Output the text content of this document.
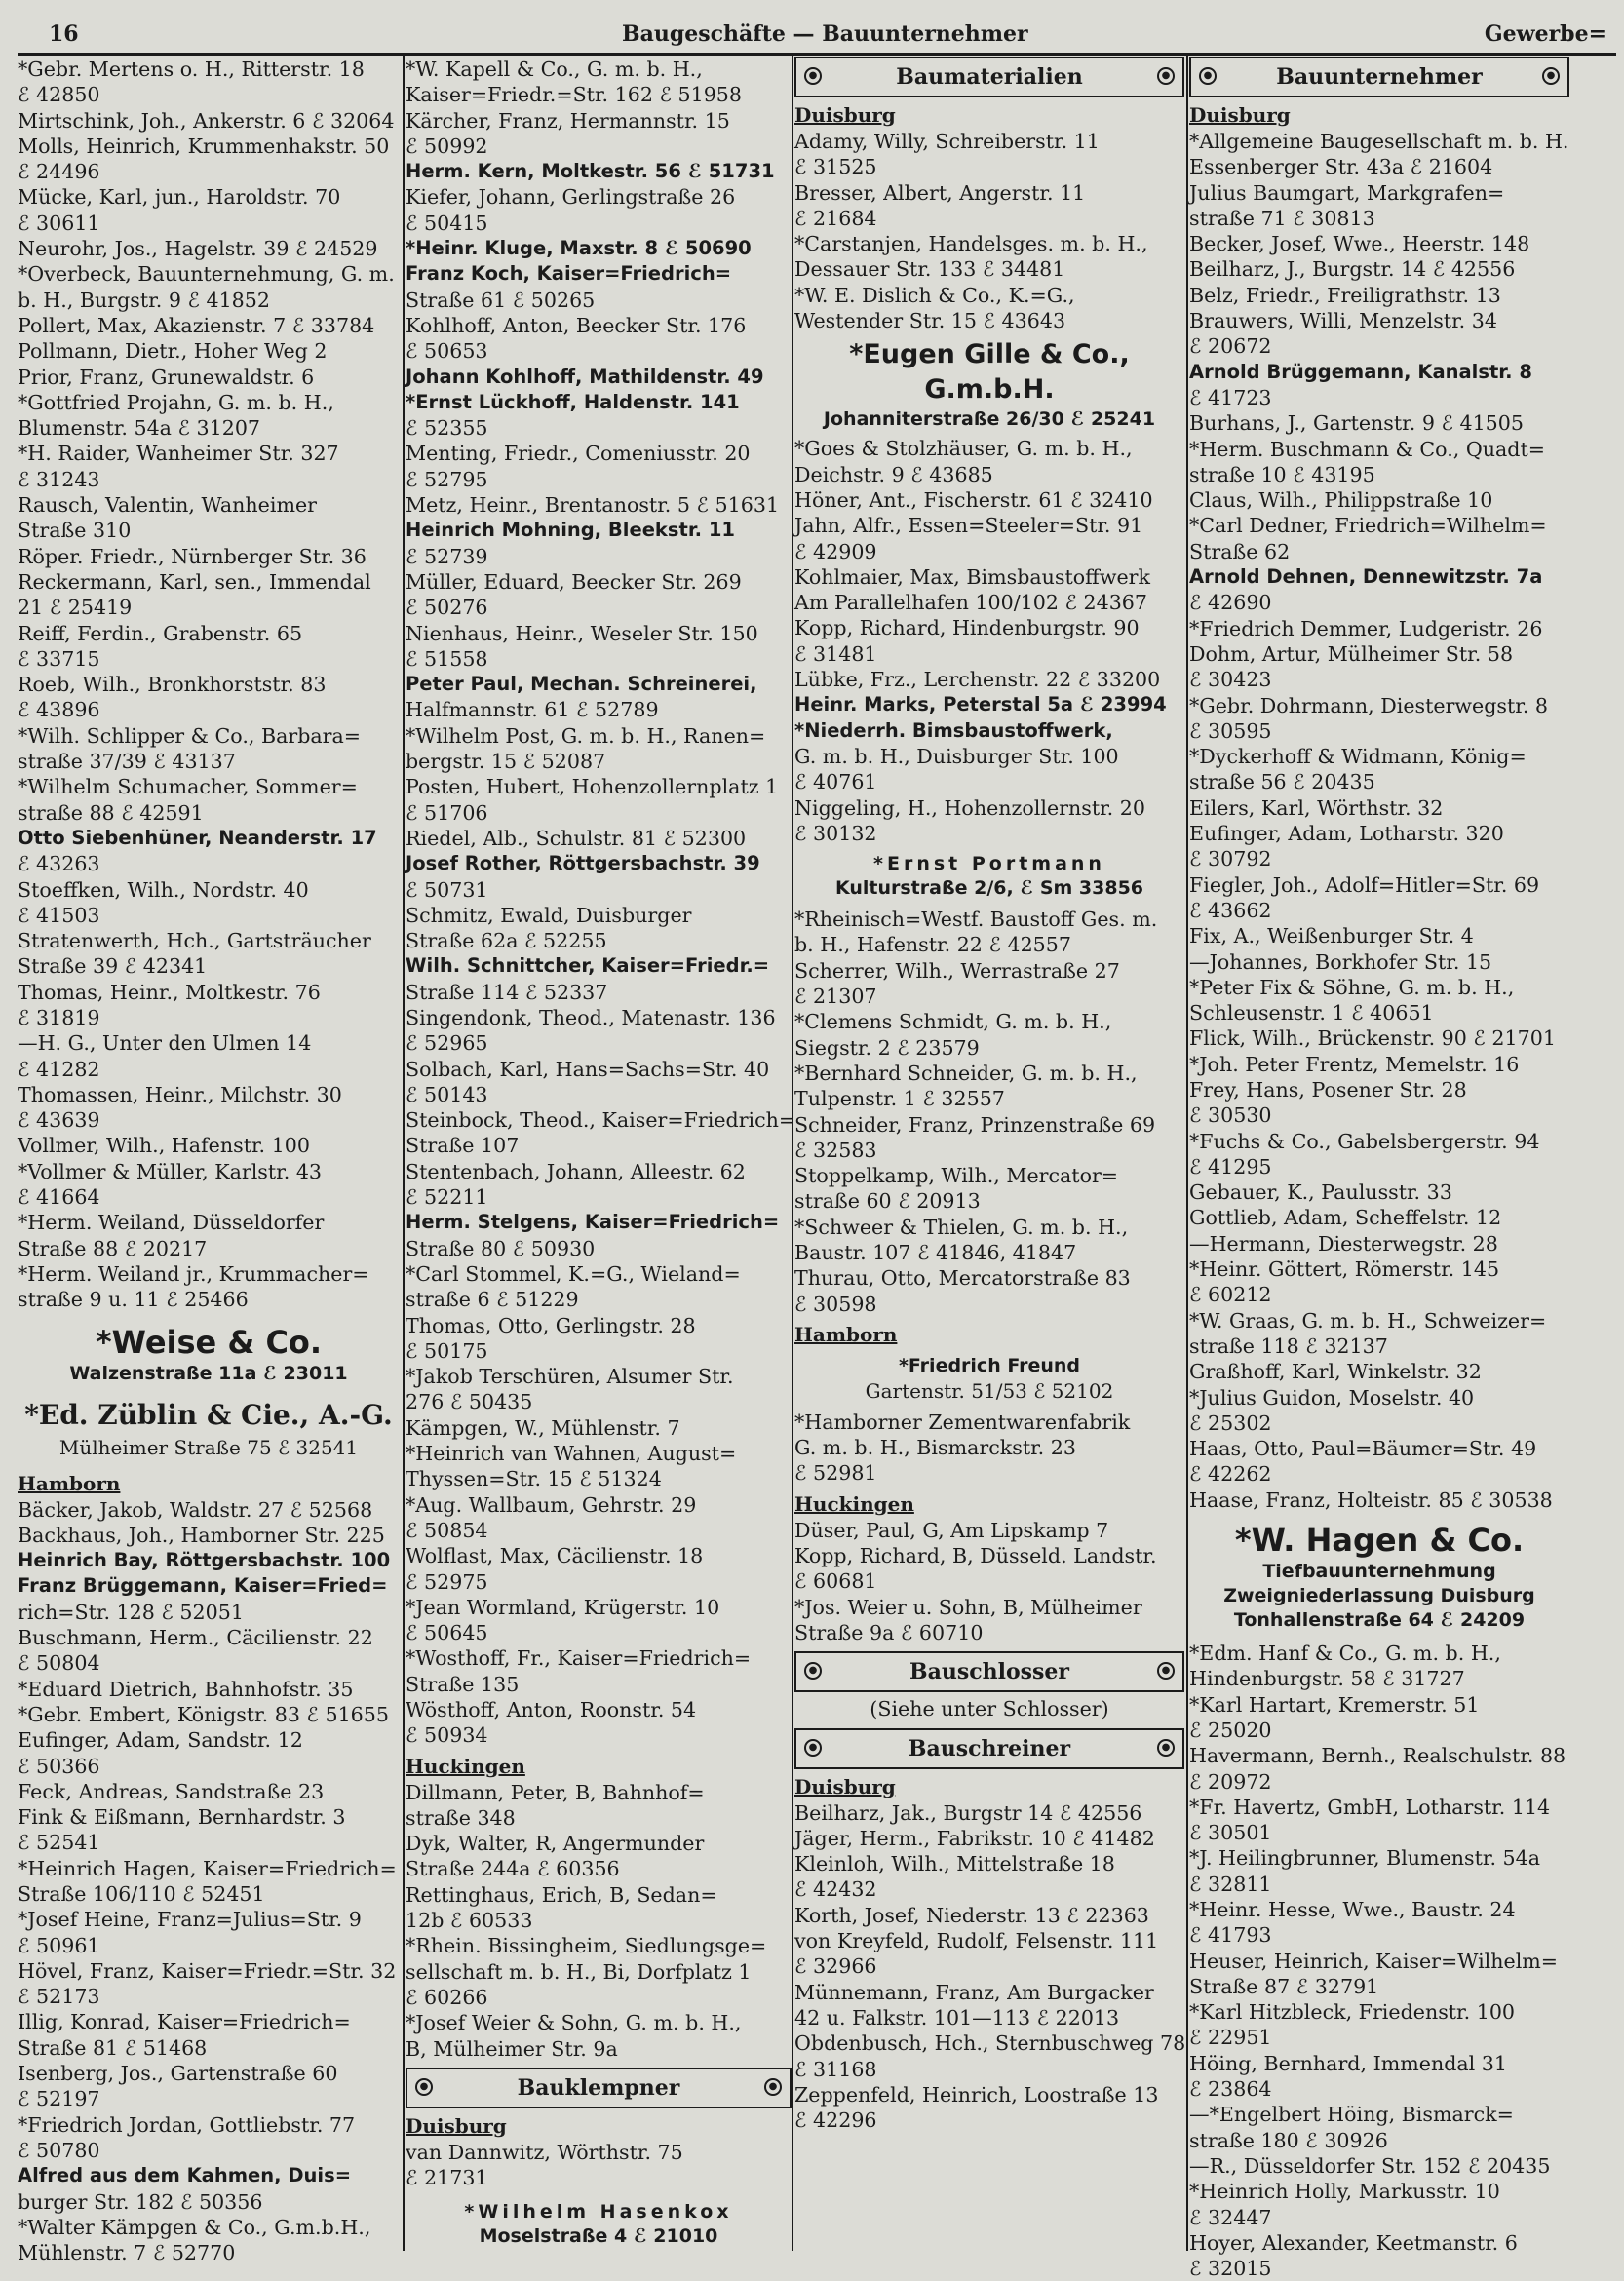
16	Baugeschäfte — Bauunternehmer	Gewerbe=
*Gebr. Mertens o. H., Ritterstr. 18
ℰ 42850
Mirtschink, Joh., Ankerstr. 6 ℰ 32064
Molls, Heinrich, Krummenhakstr. 50
ℰ 24496
Mücke, Karl, jun., Haroldstr. 70
ℰ 30611
Neurohr, Jos., Hagelstr. 39 ℰ 24529
*Overbeck, Bauunternehmung, G. m.
b. H., Burgstr. 9 ℰ 41852
Pollert, Max, Akazienstr. 7 ℰ 33784
Pollmann, Dietr., Hoher Weg 2
Prior, Franz, Grunewaldstr. 6
*Gottfried Projahn, G. m. b. H.,
Blumenstr. 54a ℰ 31207
*H. Raider, Wanheimer Str. 327
ℰ 31243
Rausch, Valentin, Wanheimer
Straße 310
Röper. Friedr., Nürnberger Str. 36
Reckermann, Karl, sen., Immendal
21 ℰ 25419
Reiff, Ferdin., Grabenstr. 65
ℰ 33715
Roeb, Wilh., Bronkhorststr. 83
ℰ 43896
*Wilh. Schlipper & Co., Barbara=
straße 37/39 ℰ 43137
*Wilhelm Schumacher, Sommer=
straße 88 ℰ 42591
Otto Siebenhüner, Neanderstr. 17
ℰ 43263
Stoeffken, Wilh., Nordstr. 40
ℰ 41503
Stratenwerth, Hch., Gartsträucher
Straße 39 ℰ 42341
Thomas, Heinr., Moltkestr. 76
ℰ 31819
—H. G., Unter den Ulmen 14
ℰ 41282
Thomassen, Heinr., Milchstr. 30
ℰ 43639
Vollmer, Wilh., Hafenstr. 100
*Vollmer & Müller, Karlstr. 43
ℰ 41664
*Herm. Weiland, Düsseldorfer
Straße 88 ℰ 20217
*Herm. Weiland jr., Krummacher=
straße 9 u. 11 ℰ 25466
*Weise & Co.
Walzenstraße 11a ℰ 23011
*Ed. Züblin & Cie., A.-G.
Mülheimer Straße 75 ℰ 32541
Hamborn
Bäcker, Jakob, Waldstr. 27 ℰ 52568
Backhaus, Joh., Hamborner Str. 225
Heinrich Bay, Röttgersbachstr. 100
Franz Brüggemann, Kaiser=Fried=
rich=Str. 128 ℰ 52051
Buschmann, Herm., Cäcilienstr. 22
ℰ 50804
*Eduard Dietrich, Bahnhofstr. 35
*Gebr. Embert, Königstr. 83 ℰ 51655
Eufinger, Adam, Sandstr. 12
ℰ 50366
Feck, Andreas, Sandstraße 23
Fink & Eißmann, Bernhardstr. 3
ℰ 52541
*Heinrich Hagen, Kaiser=Friedrich=
Straße 106/110 ℰ 52451
*Josef Heine, Franz=Julius=Str. 9
ℰ 50961
Hövel, Franz, Kaiser=Friedr.=Str. 32
ℰ 52173
Illig, Konrad, Kaiser=Friedrich=
Straße 81 ℰ 51468
Isenberg, Jos., Gartenstraße 60
ℰ 52197
*Friedrich Jordan, Gottliebstr. 77
ℰ 50780
Alfred aus dem Kahmen, Duis=
burger Str. 182 ℰ 50356
*Walter Kämpgen & Co., G.m.b.H.,
Mühlenstr. 7 ℰ 52770
*W. Kapell & Co., G. m. b. H.,
Kaiser=Friedr.=Str. 162 ℰ 51958
Kärcher, Franz, Hermannstr. 15
ℰ 50992
Herm. Kern, Moltkestr. 56 ℰ 51731
Kiefer, Johann, Gerlingstraße 26
ℰ 50415
*Heinr. Kluge, Maxstr. 8 ℰ 50690
Franz Koch, Kaiser=Friedrich=
Straße 61 ℰ 50265
Kohlhoff, Anton, Beecker Str. 176
ℰ 50653
Johann Kohlhoff, Mathildenstr. 49
*Ernst Lückhoff, Haldenstr. 141
ℰ 52355
Menting, Friedr., Comeniusstr. 20
ℰ 52795
Metz, Heinr., Brentanostr. 5 ℰ 51631
Heinrich Mohning, Bleekstr. 11
ℰ 52739
Müller, Eduard, Beecker Str. 269
ℰ 50276
Nienhaus, Heinr., Weseler Str. 150
ℰ 51558
Peter Paul, Mechan. Schreinerei,
Halfmannstr. 61 ℰ 52789
*Wilhelm Post, G. m. b. H., Ranen=
bergstr. 15 ℰ 52087
Posten, Hubert, Hohenzollernplatz 1
ℰ 51706
Riedel, Alb., Schulstr. 81 ℰ 52300
Josef Rother, Röttgersbachstr. 39
ℰ 50731
Schmitz, Ewald, Duisburger
Straße 62a ℰ 52255
Wilh. Schnittcher, Kaiser=Friedr.=
Straße 114 ℰ 52337
Singendonk, Theod., Matenastr. 136
ℰ 52965
Solbach, Karl, Hans=Sachs=Str. 40
ℰ 50143
Steinbock, Theod., Kaiser=Friedrich=
Straße 107
Stentenbach, Johann, Alleestr. 62
ℰ 52211
Herm. Stelgens, Kaiser=Friedrich=
Straße 80 ℰ 50930
*Carl Stommel, K.=G., Wieland=
straße 6 ℰ 51229
Thomas, Otto, Gerlingstr. 28
ℰ 50175
*Jakob Terschüren, Alsumer Str.
276 ℰ 50435
Kämpgen, W., Mühlenstr. 7
*Heinrich van Wahnen, August=
Thyssen=Str. 15 ℰ 51324
*Aug. Wallbaum, Gehrstr. 29
ℰ 50854
Wolflast, Max, Cäcilienstr. 18
ℰ 52975
*Jean Wormland, Krügerstr. 10
ℰ 50645
*Wosthoff, Fr., Kaiser=Friedrich=
Straße 135
Wösthoff, Anton, Roonstr. 54
ℰ 50934
Huckingen
Dillmann, Peter, B, Bahnhof=
straße 348
Dyk, Walter, R, Angermunder
Straße 244a ℰ 60356
Rettinghaus, Erich, B, Sedan=
12b ℰ 60533
*Rhein. Bissingheim, Siedlungsge=
sellschaft m. b. H., Bi, Dorfplatz 1
ℰ 60266
*Josef Weier & Sohn, G. m. b. H.,
B, Mülheimer Str. 9a
●	Bauklempner	●
Duisburg
van Dannwitz, Wörthstr. 75
ℰ 21731
*Wilhelm Hasenkox
Moselstraße 4 ℰ 21010
●	Baumaterialien	●
Duisburg
Adamy, Willy, Schreiberstr. 11
ℰ 31525
Bresser, Albert, Angerstr. 11
ℰ 21684
*Carstanjen, Handelsges. m. b. H.,
Dessauer Str. 133 ℰ 34481
*W. E. Dislich & Co., K.=G.,
Westender Str. 15 ℰ 43643
*Eugen Gille & Co., G.m.b.H.
Johanniterstraße 26/30 ℰ 25241
*Goes & Stolzhäuser, G. m. b. H.,
Deichstr. 9 ℰ 43685
Höner, Ant., Fischerstr. 61 ℰ 32410
Jahn, Alfr., Essen=Steeler=Str. 91
ℰ 42909
Kohlmaier, Max, Bimsbaustoffwerk
Am Parallelhafen 100/102 ℰ 24367
Kopp, Richard, Hindenburgstr. 90
ℰ 31481
Lübke, Frz., Lerchenstr. 22 ℰ 33200
Heinr. Marks, Peterstal 5a ℰ 23994
*Niederrh. Bimsbaustoffwerk,
G. m. b. H., Duisburger Str. 100
ℰ 40761
Niggeling, H., Hohenzollernstr. 20
ℰ 30132
*Ernst Portmann
Kulturstraße 2/6, ℰ Sm 33856
*Rheinisch=Westf. Baustoff Ges. m.
b. H., Hafenstr. 22 ℰ 42557
Scherrer, Wilh., Werrastraße 27
ℰ 21307
*Clemens Schmidt, G. m. b. H.,
Siegstr. 2 ℰ 23579
*Bernhard Schneider, G. m. b. H.,
Tulpenstr. 1 ℰ 32557
Schneider, Franz, Prinzenstraße 69
ℰ 32583
Stoppelkamp, Wilh., Mercator=
straße 60 ℰ 20913
*Schweer & Thielen, G. m. b. H.,
Baustr. 107 ℰ 41846, 41847
Thurau, Otto, Mercatorstraße 83
ℰ 30598
Hamborn
*Friedrich Freund
Gartenstr. 51/53 ℰ 52102
*Hamborner Zementwarenfabrik
G. m. b. H., Bismarckstr. 23
ℰ 52981
Huckingen
Düser, Paul, G, Am Lipskamp 7
Kopp, Richard, B, Düsseld. Landstr.
ℰ 60681
*Jos. Weier u. Sohn, B, Mülheimer
Straße 9a ℰ 60710
●	Bauschlosser	●
(Siehe unter Schlosser)
●	Bauschreiner	●
Duisburg
Beilharz, Jak., Burgstr 14 ℰ 42556
Jäger, Herm., Fabrikstr. 10 ℰ 41482
Kleinloh, Wilh., Mittelstraße 18
ℰ 42432
Korth, Josef, Niederstr. 13 ℰ 22363
von Kreyfeld, Rudolf, Felsenstr. 111
ℰ 32966
Münnemann, Franz, Am Burgacker
42 u. Falkstr. 101—113 ℰ 22013
Obdenbusch, Hch., Sternbuschweg 78
ℰ 31168
Zeppenfeld, Heinrich, Loostraße 13
ℰ 42296
●	Bauunternehmer	●
Duisburg
*Allgemeine Baugesellschaft m. b. H.
Essenberger Str. 43a ℰ 21604
Julius Baumgart, Markgrafen=
straße 71 ℰ 30813
Becker, Josef, Wwe., Heerstr. 148
Beilharz, J., Burgstr. 14 ℰ 42556
Belz, Friedr., Freiligrathstr. 13
Brauwers, Willi, Menzelstr. 34
ℰ 20672
Arnold Brüggemann, Kanalstr. 8
ℰ 41723
Burhans, J., Gartenstr. 9 ℰ 41505
*Herm. Buschmann & Co., Quadt=
straße 10 ℰ 43195
Claus, Wilh., Philippstraße 10
*Carl Dedner, Friedrich=Wilhelm=
Straße 62
Arnold Dehnen, Dennewitzstr. 7a
ℰ 42690
*Friedrich Demmer, Ludgeristr. 26
Dohm, Artur, Mülheimer Str. 58
ℰ 30423
*Gebr. Dohrmann, Diesterwegstr. 8
ℰ 30595
*Dyckerhoff & Widmann, König=
straße 56 ℰ 20435
Eilers, Karl, Wörthstr. 32
Eufinger, Adam, Lotharstr. 320
ℰ 30792
Fiegler, Joh., Adolf=Hitler=Str. 69
ℰ 43662
Fix, A., Weißenburger Str. 4
—Johannes, Borkhofer Str. 15
*Peter Fix & Söhne, G. m. b. H.,
Schleusenstr. 1 ℰ 40651
Flick, Wilh., Brückenstr. 90 ℰ 21701
*Joh. Peter Frentz, Memelstr. 16
Frey, Hans, Posener Str. 28
ℰ 30530
*Fuchs & Co., Gabelsbergerstr. 94
ℰ 41295
Gebauer, K., Paulusstr. 33
Gottlieb, Adam, Scheffelstr. 12
—Hermann, Diesterwegstr. 28
*Heinr. Göttert, Römerstr. 145
ℰ 60212
*W. Graas, G. m. b. H., Schweizer=
straße 118 ℰ 32137
Graßhoff, Karl, Winkelstr. 32
*Julius Guidon, Moselstr. 40
ℰ 25302
Haas, Otto, Paul=Bäumer=Str. 49
ℰ 42262
Haase, Franz, Holteistr. 85 ℰ 30538
*W. Hagen & Co.
Tiefbauunternehmung
Zweigniederlassung Duisburg
Tonhallenstraße 64 ℰ 24209
*Edm. Hanf & Co., G. m. b. H.,
Hindenburgstr. 58 ℰ 31727
*Karl Hartart, Kremerstr. 51
ℰ 25020
Havermann, Bernh., Realschulstr. 88
ℰ 20972
*Fr. Havertz, GmbH, Lotharstr. 114
ℰ 30501
*J. Heilingbrunner, Blumenstr. 54a
ℰ 32811
*Heinr. Hesse, Wwe., Baustr. 24
ℰ 41793
Heuser, Heinrich, Kaiser=Wilhelm=
Straße 87 ℰ 32791
*Karl Hitzbleck, Friedenstr. 100
ℰ 22951
Höing, Bernhard, Immendal 31
ℰ 23864
—*Engelbert Höing, Bismarck=
straße 180 ℰ 30926
—R., Düsseldorfer Str. 152 ℰ 20435
*Heinrich Holly, Markusstr. 10
ℰ 32447
Hoyer, Alexander, Keetmanstr. 6
ℰ 32015
